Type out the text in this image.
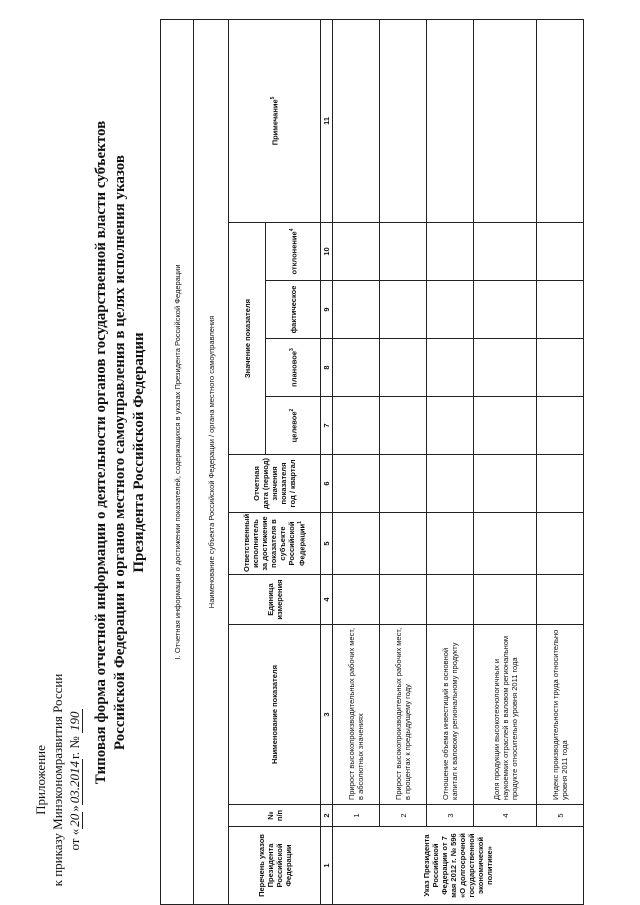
Приложение к приказу Минэкономразвития России от «20»03.2014г. № 190 Типовая форма отчетной информации о деятельности органов государственной власти субъектов Российской Федерации и органов местного самоуправления в целях исполнения указов Президента Российской Федерации	I. Отчетная информация о достижении показателей, содержащихся в указах Президента Российской Федерации										
Наименование субъекта Российской Федерации / органа местного самоуправления										
Перечень указов Президента Российской Федерации	№ п/п	Наименование показателя	Единица измерения	Ответственный исполнитель за достижение показателя в субъекте Российской Федерации$^1$	Отчетная дата (период) значения показателя год / квартал	Значение показателя				Примечание$^5$
						целевое$^2$	плановое$^3$	фактическое	отклонение$^4$
1	2	3	4	5	6	7	8	9	10	11
Указ Президента Российской Федерации от 7 мая 2012 г. № 596 «О долгосрочной государственной экономической политике»	1	Прирост высокопроизводительных рабочих мест, в абсолютных значениях								
	2	Прирост высокопроизводительных рабочих мест, в процентах к предыдущему году								
	3	Отношение объема инвестиций в основной капитал к валовому региональному продукту								
	4	Доля продукции высокотехнологичных и наукоемких отраслей в валовом региональном продукте относительно уровня 2011 года								
	5	Индекс производительности труда относительно уровня 2011 года								
